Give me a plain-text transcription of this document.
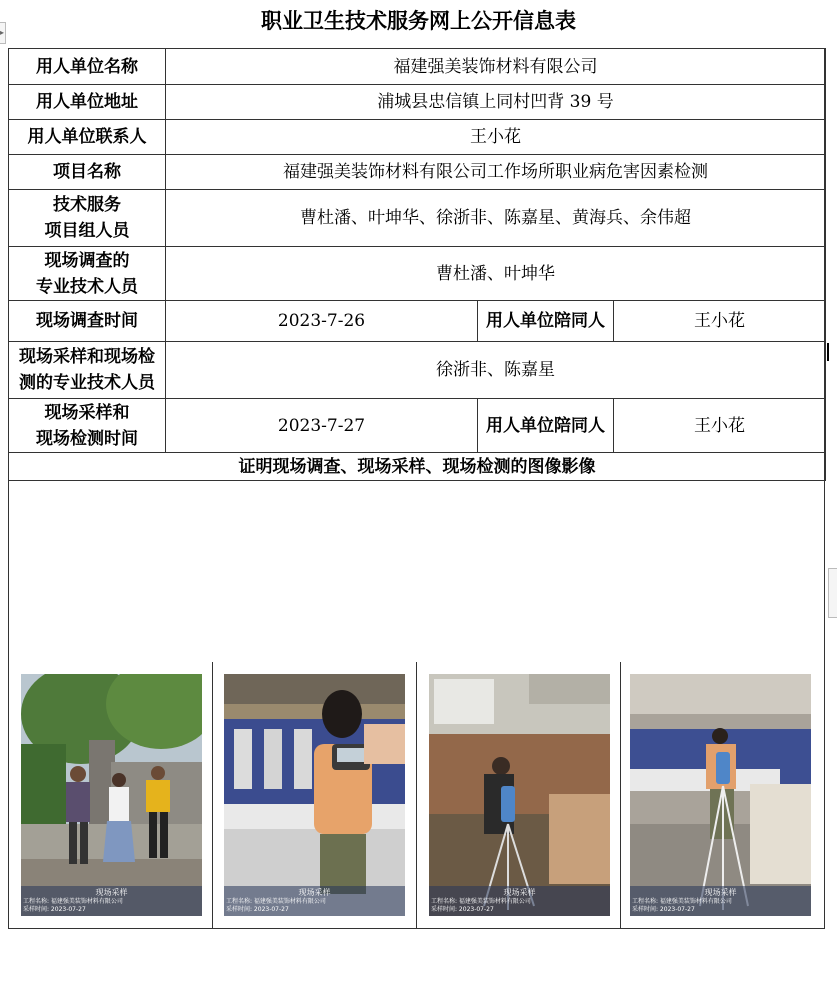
职业卫生技术服务网上公开信息表
▸
用人单位名称	福建强美装饰材料有限公司		
用人单位地址	浦城县忠信镇上同村凹背 39 号		
用人单位联系人	王小花		
项目名称	福建强美装饰材料有限公司工作场所职业病危害因素检测		
技术服务
项目组人员	曹杜潘、叶坤华、徐浙非、陈嘉星、黄海兵、余伟超		
现场调查的
专业技术人员	曹杜潘、叶坤华		
现场调查时间	2023-7-26	用人单位陪同人	王小花
现场采样和现场检
测的专业技术人员	徐浙非、陈嘉星		
现场采样和
现场检测时间	2023-7-27	用人单位陪同人	王小花
证明现场调查、现场采样、现场检测的图像影像			
现场采样
工程名称: 福建强美装饰材料有限公司
采样时间: 2023-07-27
现场采样
工程名称: 福建强美装饰材料有限公司
采样时间: 2023-07-27
现场采样
工程名称: 福建强美装饰材料有限公司
采样时间: 2023-07-27
现场采样
工程名称: 福建强美装饰材料有限公司
采样时间: 2023-07-27
